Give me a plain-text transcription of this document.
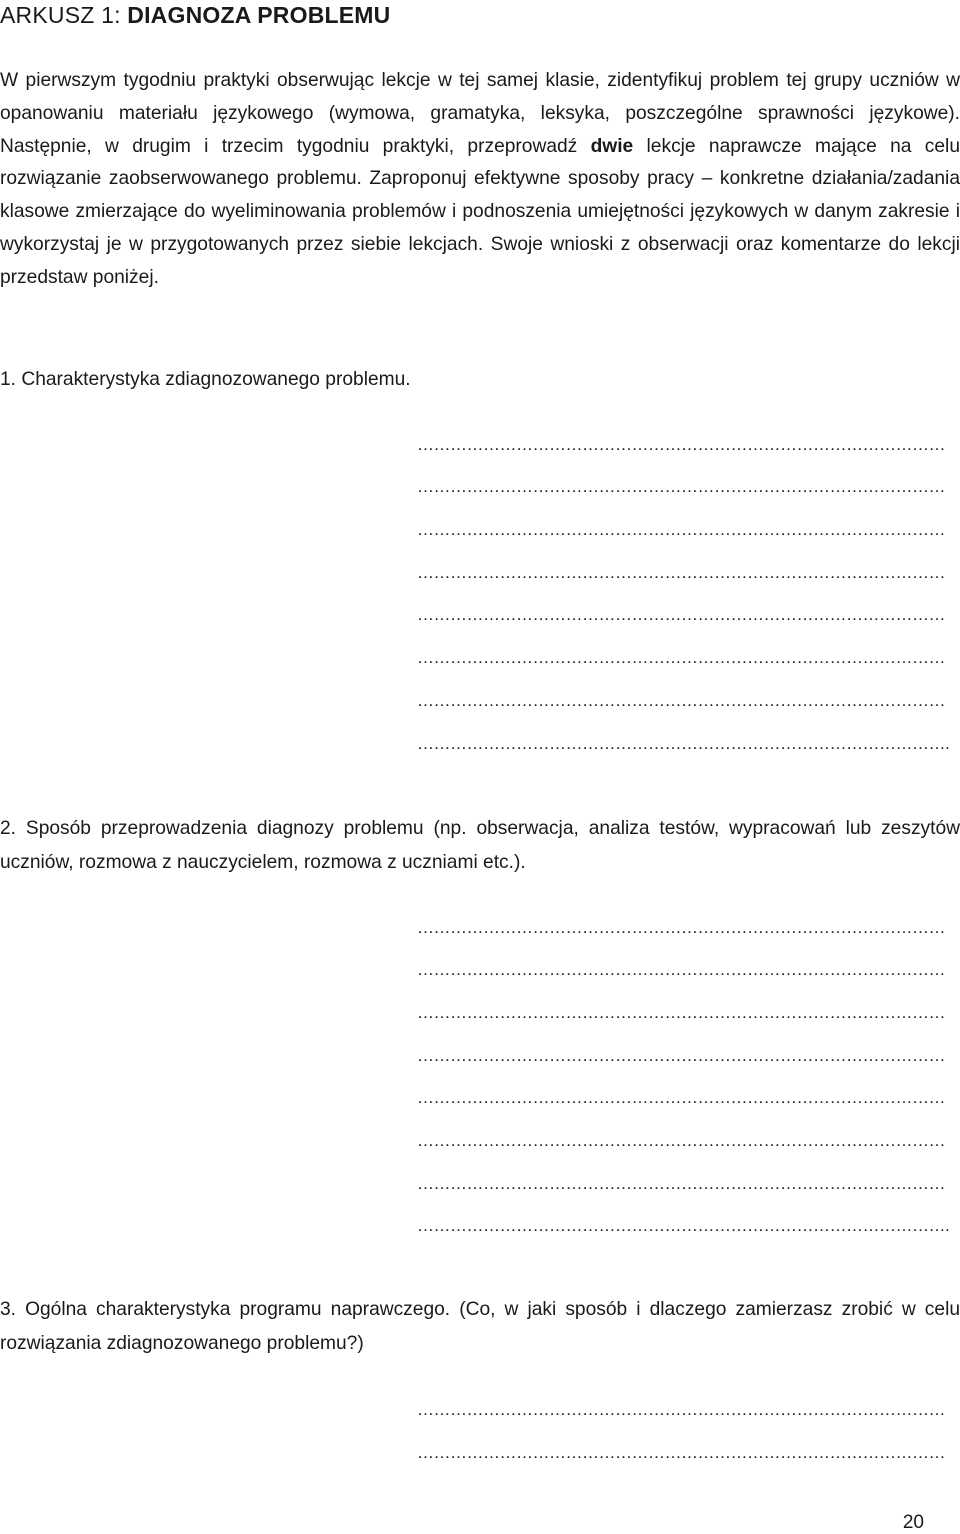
ARKUSZ 1: DIAGNOZA PROBLEMU

W pierwszym tygodniu praktyki obserwując lekcje w tej samej klasie, zidentyfikuj problem tej grupy uczniów w opanowaniu materiału językowego (wymowa, gramatyka, leksyka, poszczególne sprawności językowe). Następnie, w drugim i trzecim tygodniu praktyki, przeprowadź dwie lekcje naprawcze mające na celu rozwiązanie zaobserwowanego problemu. Zaproponuj efektywne sposoby pracy – konkretne działania/zadania klasowe zmierzające do wyeliminowania problemów i podnoszenia umiejętności językowych w danym zakresie i wykorzystaj je w przygotowanych przez siebie lekcjach. Swoje wnioski z obserwacji oraz komentarze do lekcji przedstaw poniżej.

1. Charakterystyka zdiagnozowanego problemu.

……………………………………………………………………………………
……………………………………………………………………………………
……………………………………………………………………………………
……………………………………………………………………………………
……………………………………………………………………………………
……………………………………………………………………………………
……………………………………………………………………………………
…………………………………………………………………………………….

2. Sposób przeprowadzenia diagnozy problemu (np. obserwacja, analiza testów, wypracowań lub zeszytów uczniów, rozmowa z nauczycielem, rozmowa z uczniami etc.).

……………………………………………………………………………………
……………………………………………………………………………………
……………………………………………………………………………………
……………………………………………………………………………………
……………………………………………………………………………………
……………………………………………………………………………………
……………………………………………………………………………………
…………………………………………………………………………………….

3. Ogólna charakterystyka programu naprawczego. (Co, w jaki sposób i dlaczego zamierzasz zrobić w celu rozwiązania zdiagnozowanego problemu?)

……………………………………………………………………………………
……………………………………………………………………………………
20
